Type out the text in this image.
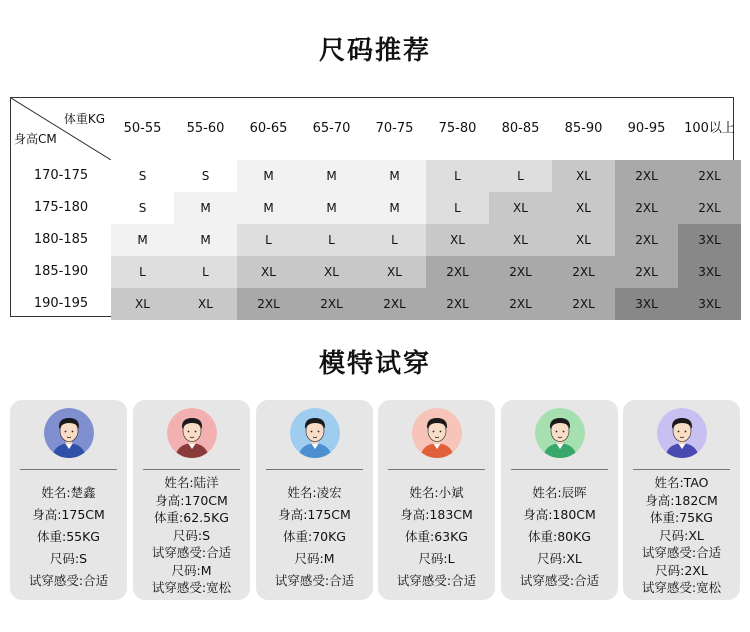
尺码推荐
体重KG
身高CM
50-55	55-60	60-65	65-70	70-75	75-80	80-85	85-90	90-95	100以上
170-175	S	S	M	M	M	L	L	XL	2XL	2XL
175-180	S	M	M	M	M	L	XL	XL	2XL	2XL
180-185	M	M	L	L	L	XL	XL	XL	2XL	3XL
185-190	L	L	XL	XL	XL	2XL	2XL	2XL	2XL	3XL
190-195	XL	XL	2XL	2XL	2XL	2XL	2XL	2XL	3XL	3XL
模特试穿
姓名:楚鑫
身高:175CM
体重:55KG
尺码:S
试穿感受:合适
姓名:陆洋
身高:170CM
体重:62.5KG
尺码:S
试穿感受:合适
尺码:M
试穿感受:宽松
姓名:凌宏
身高:175CM
体重:70KG
尺码:M
试穿感受:合适
姓名:小斌
身高:183CM
体重:63KG
尺码:L
试穿感受:合适
姓名:辰晖
身高:180CM
体重:80KG
尺码:XL
试穿感受:合适
姓名:TAO
身高:182CM
体重:75KG
尺码:XL
试穿感受:合适
尺码:2XL
试穿感受:宽松
